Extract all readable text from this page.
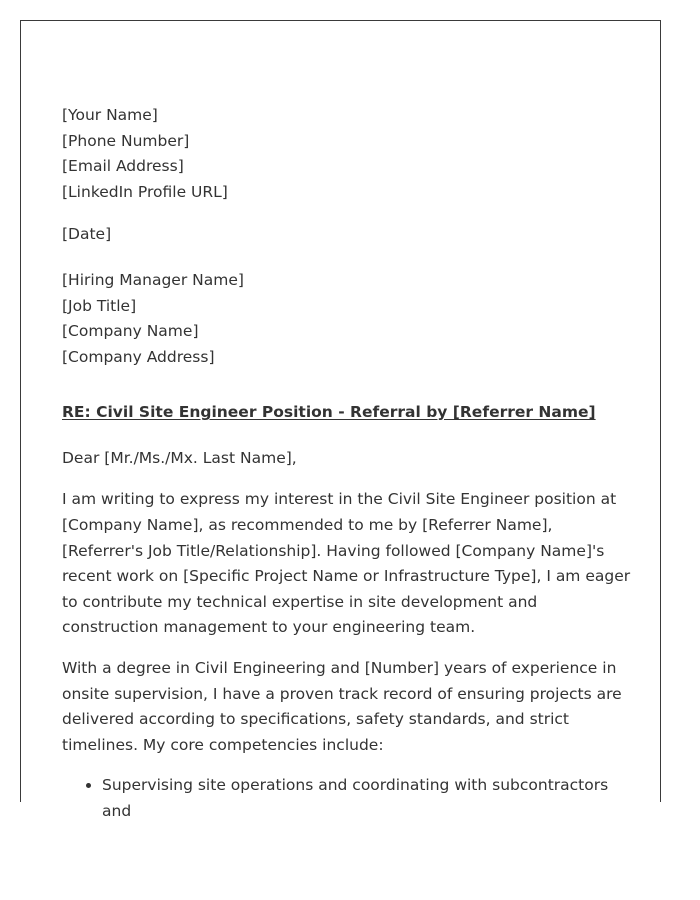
[Your Name]
[Phone Number]
[Email Address]
[LinkedIn Profile URL]
[Date]
[Hiring Manager Name]
[Job Title]
[Company Name]
[Company Address]
RE: Civil Site Engineer Position - Referral by [Referrer Name]
Dear [Mr./Ms./Mx. Last Name],

I am writing to express my interest in the Civil Site Engineer position at [Company Name], as recommended to me by [Referrer Name], [Referrer's Job Title/Relationship]. Having followed [Company Name]'s recent work on [Specific Project Name or Infrastructure Type], I am eager to contribute my technical expertise in site development and construction management to your engineering team.

With a degree in Civil Engineering and [Number] years of experience in onsite supervision, I have a proven track record of ensuring projects are delivered according to specifications, safety standards, and strict timelines. My core competencies include:

• Supervising site operations and coordinating with subcontractors and
